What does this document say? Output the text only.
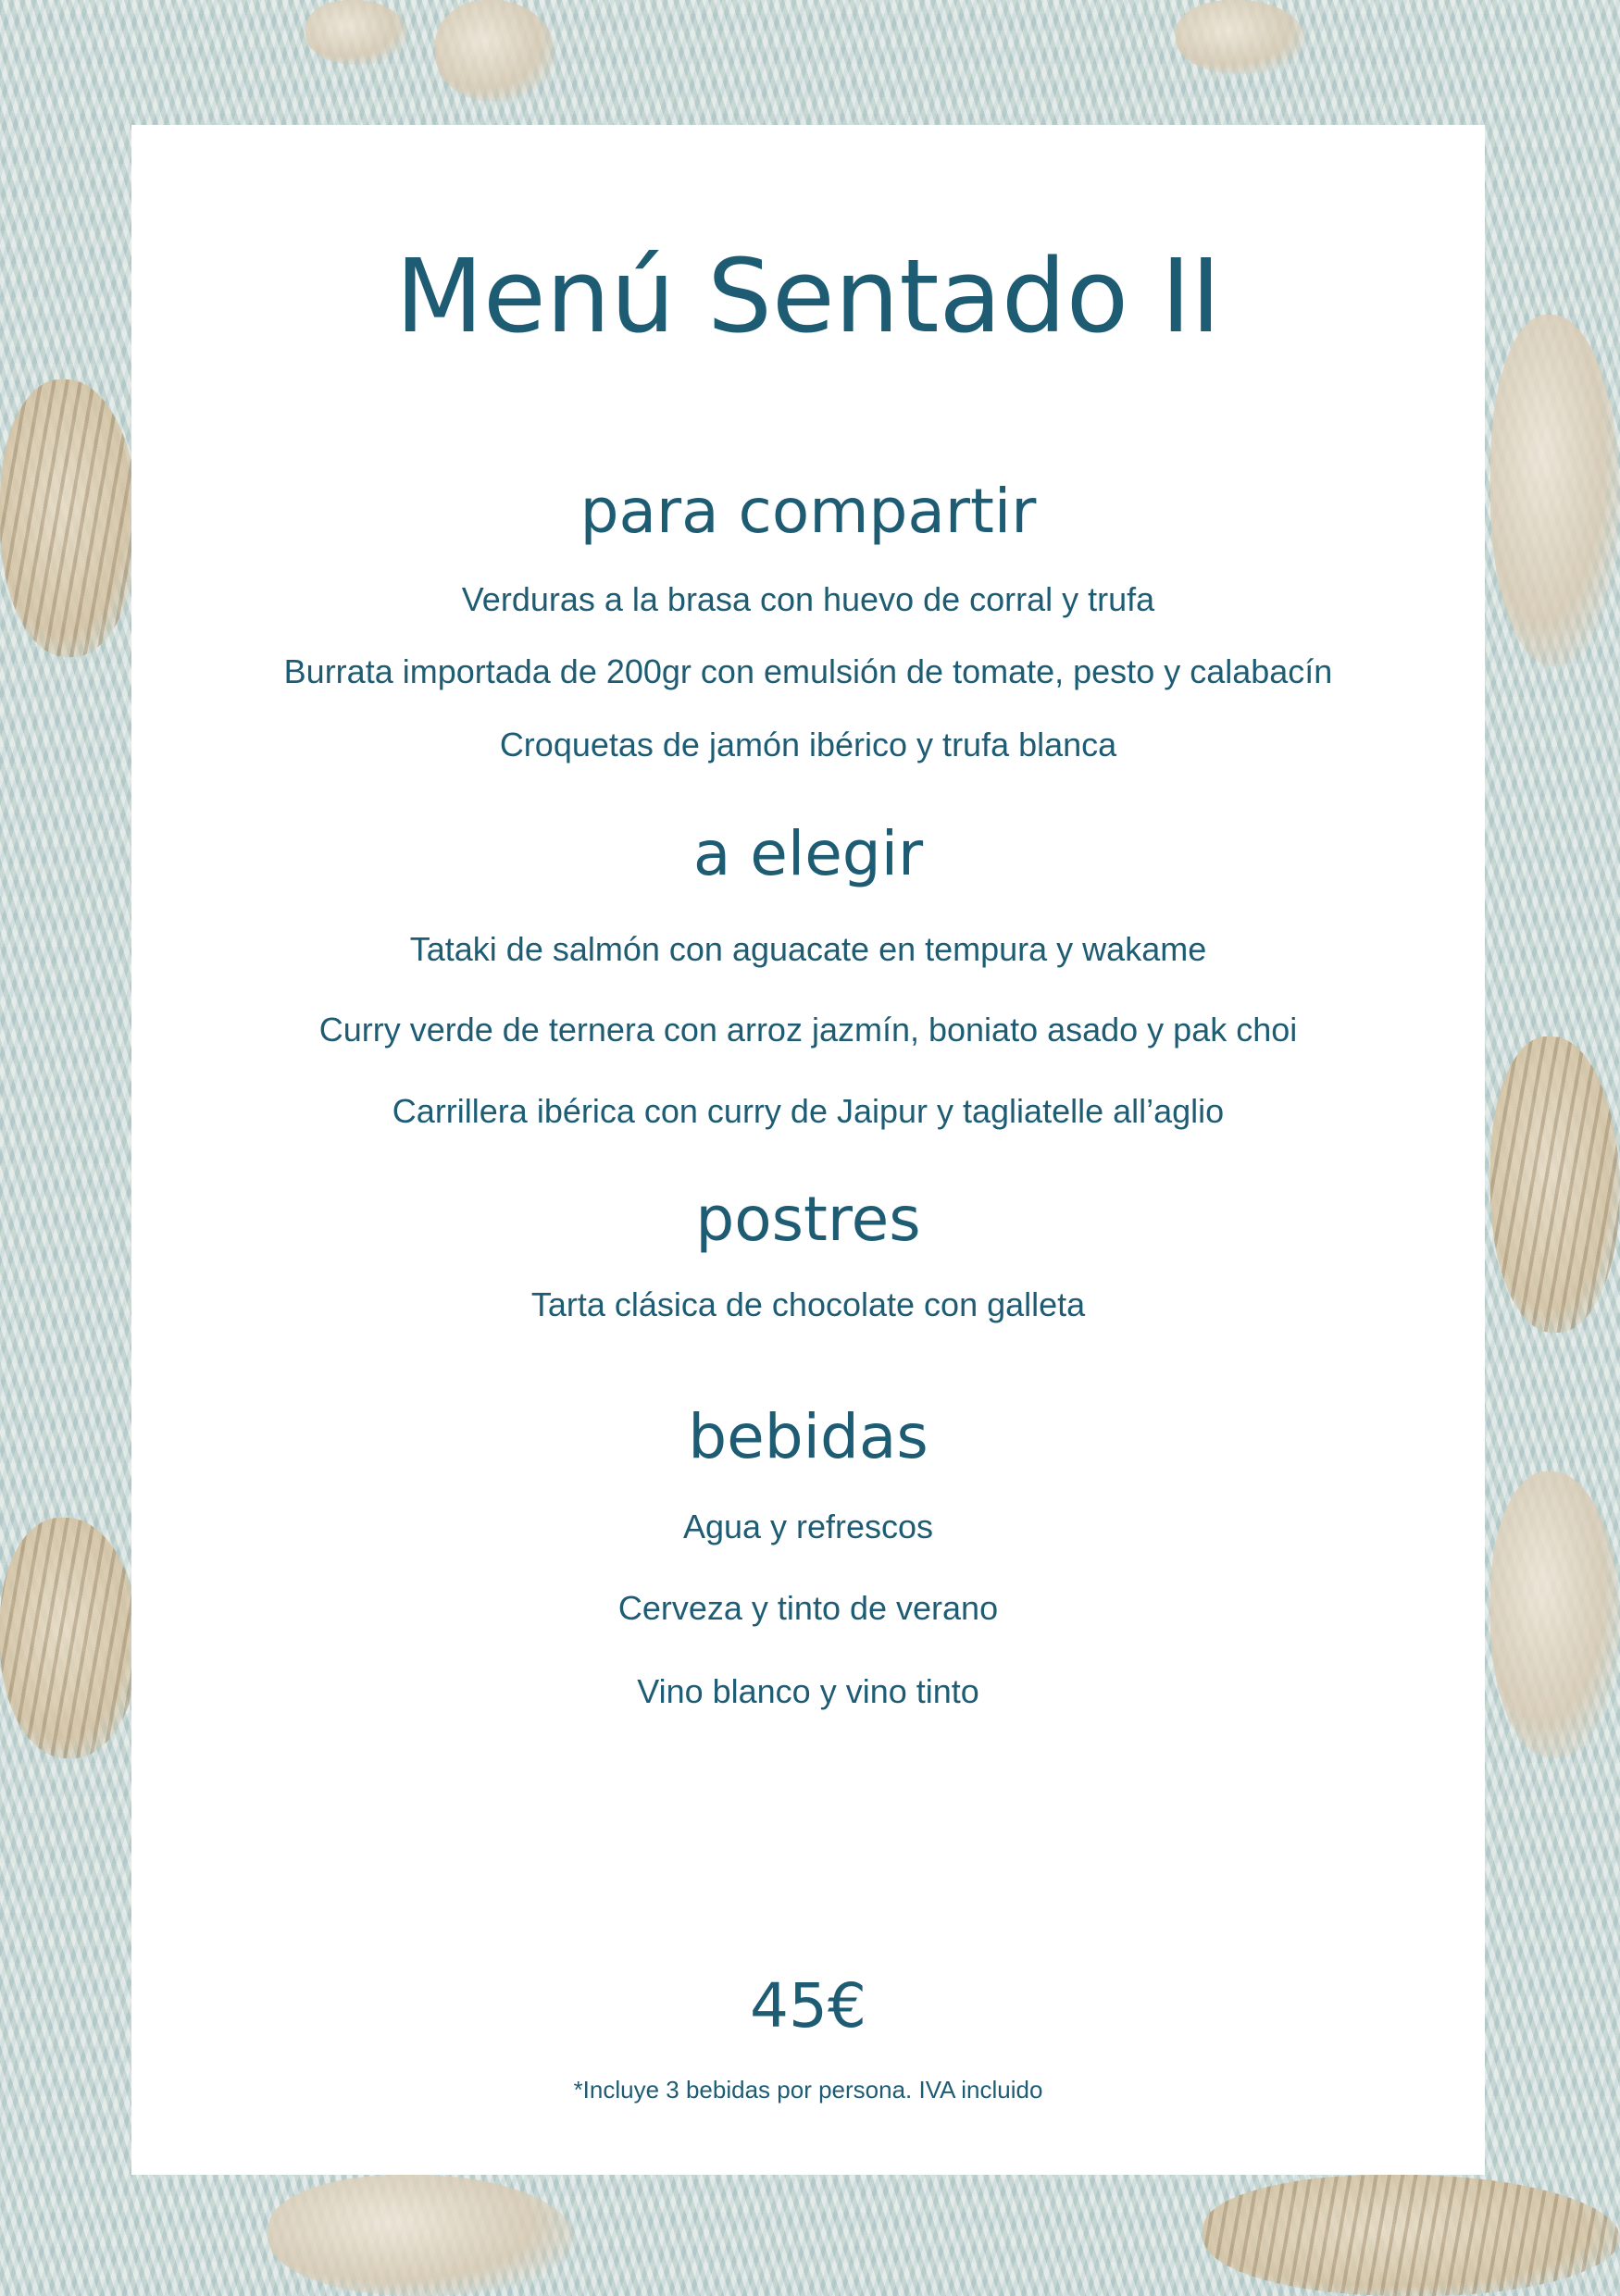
Menú Sentado II
para compartir
Verduras a la brasa con huevo de corral y trufa
Burrata importada de 200gr con emulsión de tomate, pesto y calabacín
Croquetas de jamón ibérico y trufa blanca
a elegir
Tataki de salmón con aguacate en tempura y wakame
Curry verde de ternera con arroz jazmín, boniato asado y pak choi
Carrillera ibérica con curry de Jaipur y tagliatelle all’aglio
postres
Tarta clásica de chocolate con galleta
bebidas
Agua y refrescos
Cerveza y tinto de verano
Vino blanco y vino tinto
45€
*Incluye 3 bebidas por persona. IVA incluido
